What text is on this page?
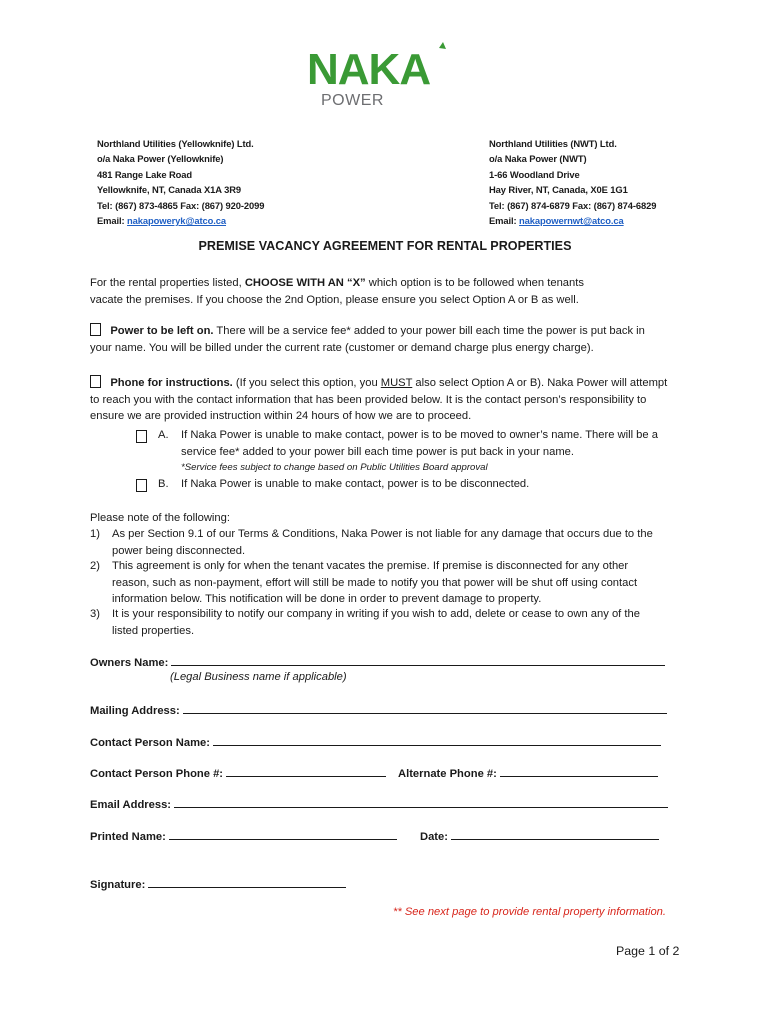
NAKA
POWER
Northland Utilities (Yellowknife) Ltd.
o/a Naka Power (Yellowknife)
481 Range Lake Road
Yellowknife, NT, Canada X1A 3R9
Tel: (867) 873-4865 Fax: (867) 920-2099
Email: nakapoweryk@atco.ca
Northland Utilities (NWT) Ltd.
o/a Naka Power (NWT)
1-66 Woodland Drive
Hay River, NT, Canada, X0E 1G1
Tel: (867) 874-6879 Fax: (867) 874-6829
Email: nakapowernwt@atco.ca
PREMISE VACANCY AGREEMENT FOR RENTAL PROPERTIES
For the rental properties listed, CHOOSE WITH AN “X” which option is to be followed when tenants
vacate the premises. If you choose the 2nd Option, please ensure you select Option A or B as well.
Power to be left on. There will be a service fee* added to your power bill each time the power is put back in
your name. You will be billed under the current rate (customer or demand charge plus energy charge).
Phone for instructions. (If you select this option, you MUST also select Option A or B). Naka Power will attempt
to reach you with the contact information that has been provided below. It is the contact person’s responsibility to
ensure we are provided instruction within 24 hours of how we are to proceed.
A. If Naka Power is unable to make contact, power is to be moved to owner’s name. There will be a
service fee* added to your power bill each time power is put back in your name.
*Service fees subject to change based on Public Utilities Board approval
B. If Naka Power is unable to make contact, power is to be disconnected.
Please note of the following:
1) As per Section 9.1 of our Terms & Conditions, Naka Power is not liable for any damage that occurs due to the
power being disconnected.
2) This agreement is only for when the tenant vacates the premise. If premise is disconnected for any other
reason, such as non-payment, effort will still be made to notify you that power will be shut off using contact
information below. This notification will be done in order to prevent damage to property.
3) It is your responsibility to notify our company in writing if you wish to add, delete or cease to own any of the
listed properties.
Owners Name:
(Legal Business name if applicable)
Mailing Address:
Contact Person Name:
Contact Person Phone #:	Alternate Phone #:
Email Address:
Printed Name:	Date:
Signature:
** See next page to provide rental property information.
Page 1 of 2
